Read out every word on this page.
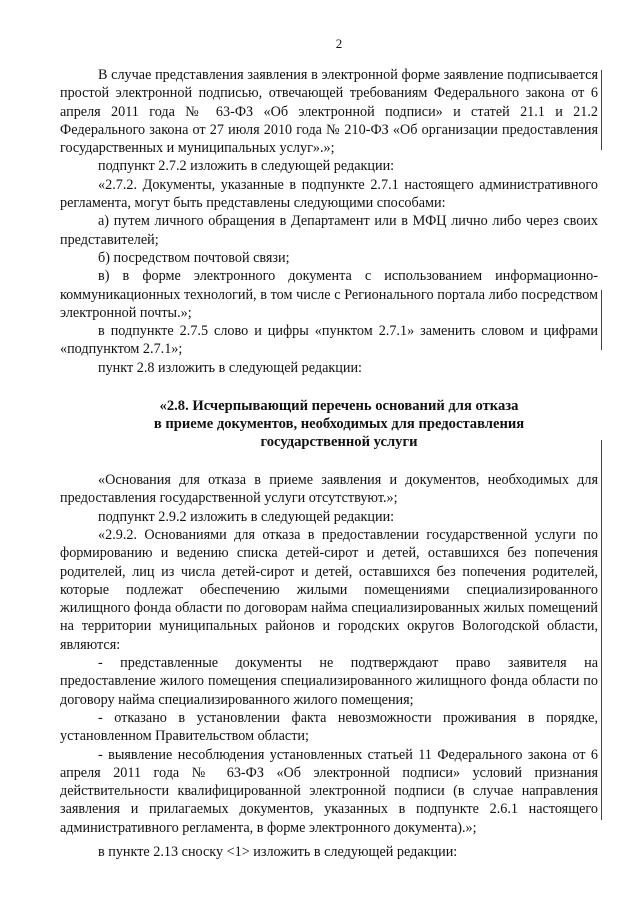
2

В случае представления заявления в электронной форме заявление подписывается простой электронной подписью, отвечающей требованиям Федерального закона от 6 апреля 2011 года № 63-ФЗ «Об электронной подписи» и статей 21.1 и 21.2 Федерального закона от 27 июля 2010 года № 210-ФЗ «Об организации предоставления государственных и муниципальных услуг».»;

подпункт 2.7.2 изложить в следующей редакции:

«2.7.2. Документы, указанные в подпункте 2.7.1 настоящего административного регламента, могут быть представлены следующими способами:

а) путем личного обращения в Департамент или в МФЦ лично либо через своих представителей;

б) посредством почтовой связи;

в) в форме электронного документа с использованием информационно-коммуникационных технологий, в том числе с Регионального портала либо посредством электронной почты.»;

в подпункте 2.7.5 слово и цифры «пунктом 2.7.1» заменить словом и цифрами «подпунктом 2.7.1»;

пункт 2.8 изложить в следующей редакции:

«2.8. Исчерпывающий перечень оснований для отказа
в приеме документов, необходимых для предоставления
государственной услуги

«Основания для отказа в приеме заявления и документов, необходимых для предоставления государственной услуги отсутствуют.»;

подпункт 2.9.2 изложить в следующей редакции:

«2.9.2. Основаниями для отказа в предоставлении государственной услуги по формированию и ведению списка детей-сирот и детей, оставшихся без попечения родителей, лиц из числа детей-сирот и детей, оставшихся без попечения родителей, которые подлежат обеспечению жилыми помещениями специализированного жилищного фонда области по договорам найма специализированных жилых помещений на территории муниципальных районов и городских округов Вологодской области, являются:

- представленные документы не подтверждают право заявителя на предоставление жилого помещения специализированного жилищного фонда области по договору найма специализированного жилого помещения;

- отказано в установлении факта невозможности проживания в порядке, установленном Правительством области;

- выявление несоблюдения установленных статьей 11 Федерального закона от 6 апреля 2011 года № 63-ФЗ «Об электронной подписи» условий признания действительности квалифицированной электронной подписи (в случае направления заявления и прилагаемых документов, указанных в подпункте 2.6.1 настоящего административного регламента, в форме электронного документа).»;

в пункте 2.13 сноску <1> изложить в следующей редакции:
